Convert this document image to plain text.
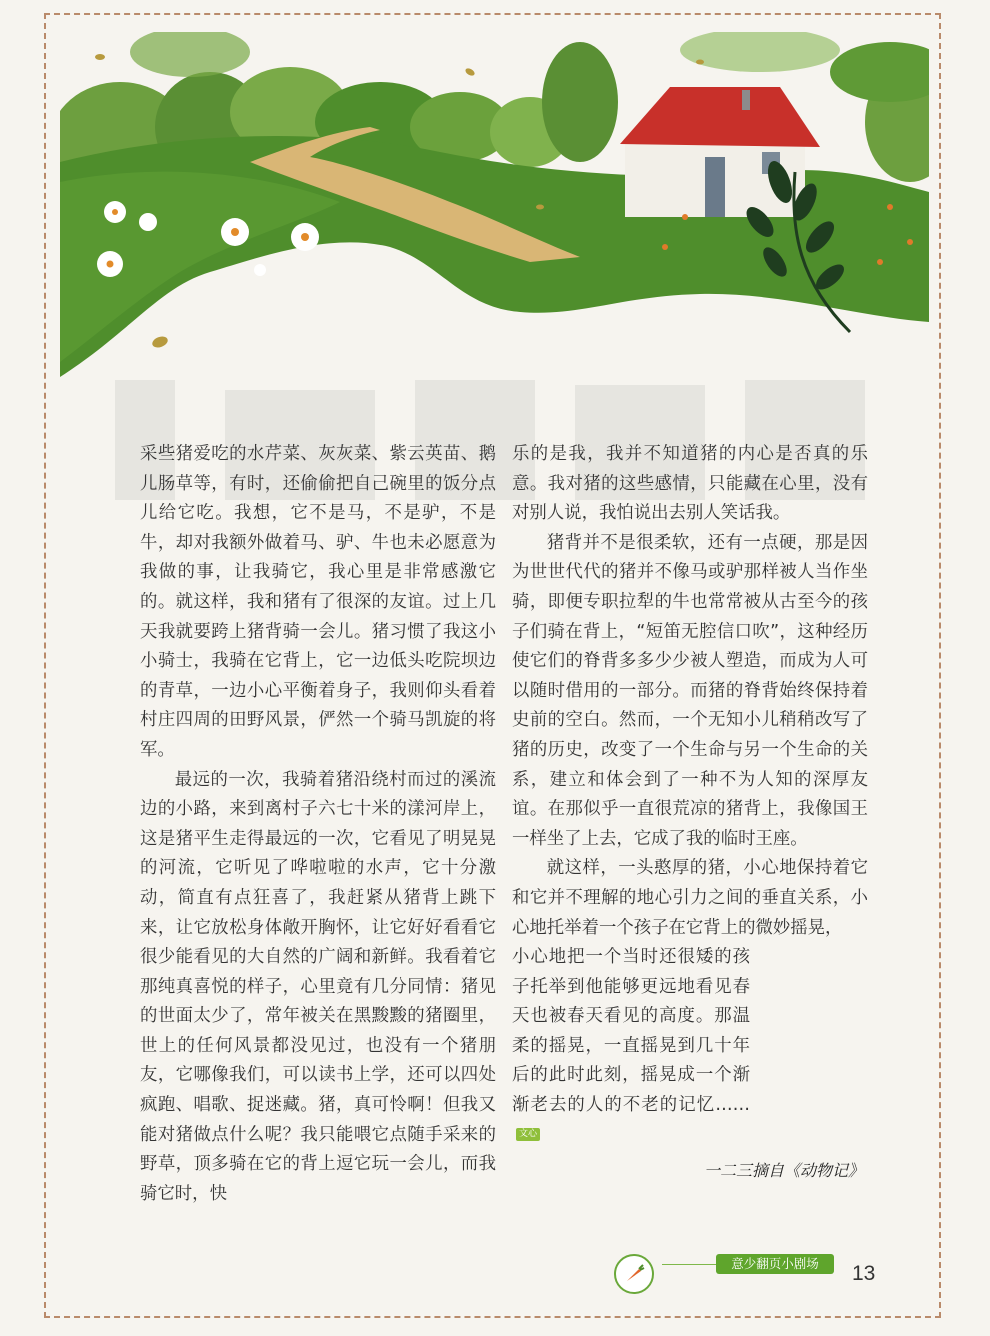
采些猪爱吃的水芹菜、灰灰菜、紫云英苗、鹅儿肠草等，有时，还偷偷把自己碗里的饭分点儿给它吃。我想，它不是马，不是驴，不是牛，却对我额外做着马、驴、牛也未必愿意为我做的事，让我骑它，我心里是非常感激它的。就这样，我和猪有了很深的友谊。过上几天我就要跨上猪背骑一会儿。猪习惯了我这小小骑士，我骑在它背上，它一边低头吃院坝边的青草，一边小心平衡着身子，我则仰头看着村庄四周的田野风景，俨然一个骑马凯旋的将军。

最远的一次，我骑着猪沿绕村而过的溪流边的小路，来到离村子六七十米的漾河岸上，这是猪平生走得最远的一次，它看见了明晃晃的河流，它听见了哗啦啦的水声，它十分激动，简直有点狂喜了，我赶紧从猪背上跳下来，让它放松身体敞开胸怀，让它好好看看它很少能看见的大自然的广阔和新鲜。我看着它那纯真喜悦的样子，心里竟有几分同情：猪见的世面太少了，常年被关在黑黢黢的猪圈里，世上的任何风景都没见过，也没有一个猪朋友，它哪像我们，可以读书上学，还可以四处疯跑、唱歌、捉迷藏。猪，真可怜啊！但我又能对猪做点什么呢？我只能喂它点随手采来的野草，顶多骑在它的背上逗它玩一会儿，而我骑它时，快

乐的是我，我并不知道猪的内心是否真的乐意。我对猪的这些感情，只能藏在心里，没有对别人说，我怕说出去别人笑话我。

猪背并不是很柔软，还有一点硬，那是因为世世代代的猪并不像马或驴那样被人当作坐骑，即便专职拉犁的牛也常常被从古至今的孩子们骑在背上，“短笛无腔信口吹”，这种经历使它们的脊背多多少少被人塑造，而成为人可以随时借用的一部分。而猪的脊背始终保持着史前的空白。然而，一个无知小儿稍稍改写了猪的历史，改变了一个生命与另一个生命的关系，建立和体会到了一种不为人知的深厚友谊。在那似乎一直很荒凉的猪背上，我像国王一样坐了上去，它成了我的临时王座。

就这样，一头憨厚的猪，小心地保持着它和它并不理解的地心引力之间的垂直关系，小心地托举着一个孩子在它背上的微妙摇晃，

小心地把一个当时还很矮的孩子托举到他能够更远地看见春天也被春天看见的高度。那温柔的摇晃，一直摇晃到几十年后的此时此刻，摇晃成一个渐渐老去的人的不老的记忆……文心

一二三摘自《动物记》
意少翻页小剧场	13
